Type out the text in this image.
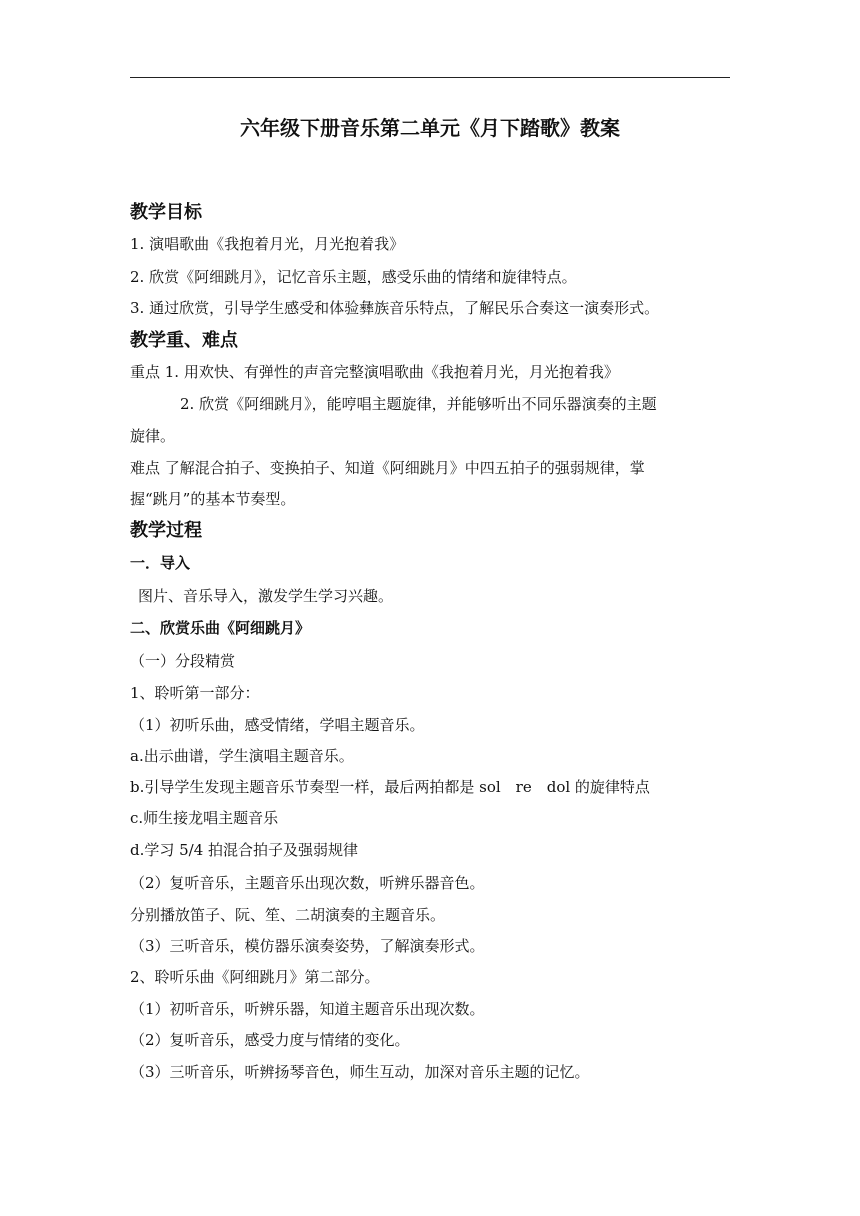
六年级下册音乐第二单元《月下踏歌》教案
教学目标
1. 演唱歌曲《我抱着月光，月光抱着我》
2. 欣赏《阿细跳月》，记忆音乐主题，感受乐曲的情绪和旋律特点。
3. 通过欣赏，引导学生感受和体验彝族音乐特点，了解民乐合奏这一演奏形式。
教学重、难点
重点 1. 用欢快、有弹性的声音完整演唱歌曲《我抱着月光，月光抱着我》
2. 欣赏《阿细跳月》，能哼唱主题旋律，并能够听出不同乐器演奏的主题
旋律。
难点 了解混合拍子、变换拍子、知道《阿细跳月》中四五拍子的强弱规律，掌
握“跳月”的基本节奏型。
教学过程
一．导入
图片、音乐导入，激发学生学习兴趣。
二、欣赏乐曲《阿细跳月》
（一）分段精赏
1、聆听第一部分：
（1）初听乐曲，感受情绪，学唱主题音乐。
a.出示曲谱，学生演唱主题音乐。
b.引导学生发现主题音乐节奏型一样，最后两拍都是 sol　re　dol 的旋律特点
c.师生接龙唱主题音乐
d.学习 5/4 拍混合拍子及强弱规律
（2）复听音乐，主题音乐出现次数，听辨乐器音色。
分别播放笛子、阮、笙、二胡演奏的主题音乐。
（3）三听音乐，模仿器乐演奏姿势，了解演奏形式。
2、聆听乐曲《阿细跳月》第二部分。
（1）初听音乐，听辨乐器，知道主题音乐出现次数。
（2）复听音乐，感受力度与情绪的变化。
（3）三听音乐，听辨扬琴音色，师生互动，加深对音乐主题的记忆。
